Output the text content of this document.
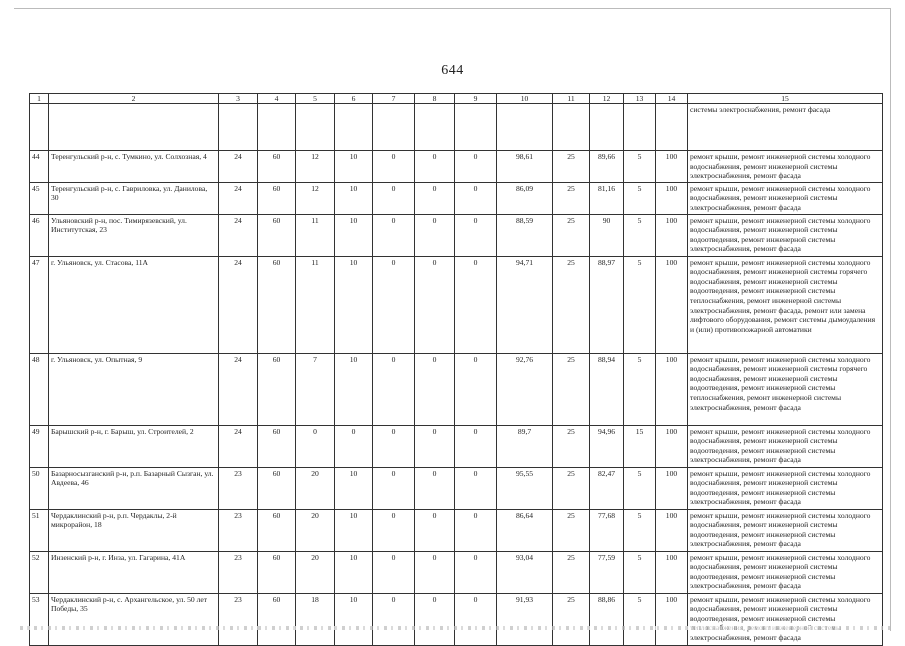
644
1	2	3	4	5	6	7	8	9	10	11	12	13	14	15
														системы электроснабжения, ремонт фасада
44	Теренгульский р-н, с. Тумкино, ул. Солхозная, 4	24	60	12	10	0	0	0	98,61	25	89,66	5	100	ремонт крыши, ремонт инженерной системы холодного водоснабжения, ремонт инженерной системы электроснабжения, ремонт фасада
45	Теренгульский р-н, с. Гавриловка, ул. Данилова, 30	24	60	12	10	0	0	0	86,09	25	81,16	5	100	ремонт крыши, ремонт инженерной системы холодного водоснабжения, ремонт инженерной системы электроснабжения, ремонт фасада
46	Ульяновский р-н, пос. Тимирязевский, ул. Институтская, 23	24	60	11	10	0	0	0	88,59	25	90	5	100	ремонт крыши, ремонт инженерной системы холодного водоснабжения, ремонт инженерной системы водоотведения, ремонт инженерной системы электроснабжения, ремонт фасада
47	г. Ульяновск, ул. Стасова, 11А	24	60	11	10	0	0	0	94,71	25	88,97	5	100	ремонт крыши, ремонт инженерной системы холодного водоснабжения, ремонт инженерной системы горячего водоснабжения, ремонт инженерной системы водоотведения, ремонт инженерной системы теплоснабжения, ремонт инженерной системы электроснабжения, ремонт фасада, ремонт или замена лифтового оборудования, ремонт системы дымоудаления и (или) противопожарной автоматики
48	г. Ульяновск, ул. Опытная, 9	24	60	7	10	0	0	0	92,76	25	88,94	5	100	ремонт крыши, ремонт инженерной системы холодного водоснабжения, ремонт инженерной системы горячего водоснабжения, ремонт инженерной системы водоотведения, ремонт инженерной системы теплоснабжения, ремонт инженерной системы электроснабжения, ремонт фасада
49	Барышский р-н, г. Барыш, ул. Строителей, 2	24	60	0	0	0	0	0	89,7	25	94,96	15	100	ремонт крыши, ремонт инженерной системы холодного водоснабжения, ремонт инженерной системы водоотведения, ремонт инженерной системы электроснабжения, ремонт фасада
50	Базарносызганский р-н, р.п. Базарный Сызган, ул. Авдеева, 46	23	60	20	10	0	0	0	95,55	25	82,47	5	100	ремонт крыши, ремонт инженерной системы холодного водоснабжения, ремонт инженерной системы водоотведения, ремонт инженерной системы электроснабжения, ремонт фасада
51	Чердаклинский р-н, р.п. Чердаклы, 2-й микрорайон, 18	23	60	20	10	0	0	0	86,64	25	77,68	5	100	ремонт крыши, ремонт инженерной системы холодного водоснабжения, ремонт инженерной системы водоотведения, ремонт инженерной системы электроснабжения, ремонт фасада
52	Инзенский р-н, г. Инза, ул. Гагарина, 41А	23	60	20	10	0	0	0	93,04	25	77,59	5	100	ремонт крыши, ремонт инженерной системы холодного водоснабжения, ремонт инженерной системы водоотведения, ремонт инженерной системы электроснабжения, ремонт фасада
53	Чердаклинский р-н, с. Архангельское, ул. 50 лет Победы, 35	23	60	18	10	0	0	0	91,93	25	88,86	5	100	ремонт крыши, ремонт инженерной системы холодного водоснабжения, ремонт инженерной системы водоотведения, ремонт инженерной системы электроснабжения, ремонт фасада
